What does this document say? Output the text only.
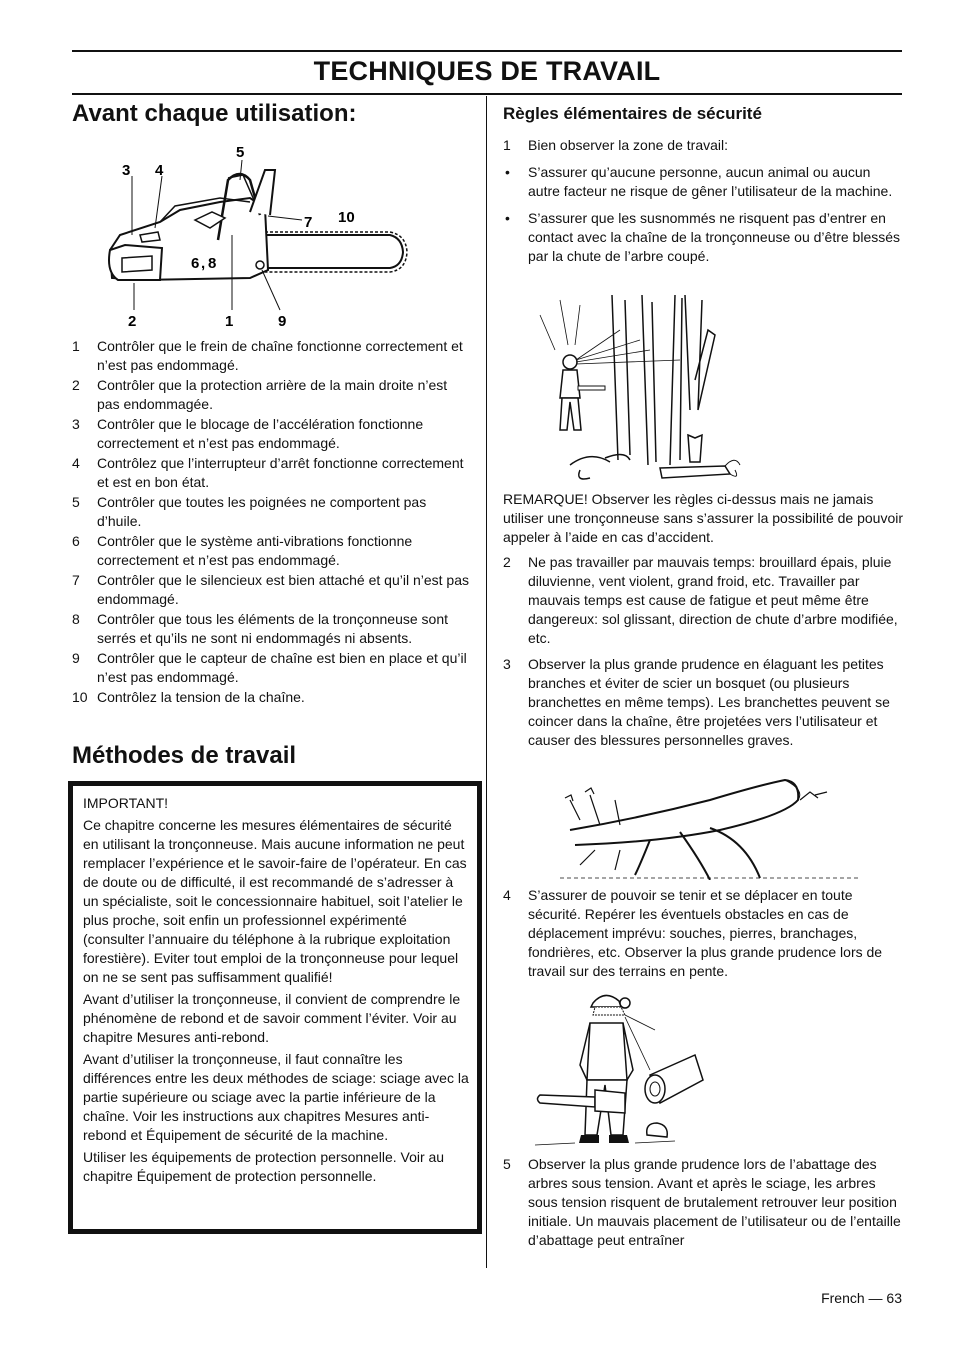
TECHNIQUES DE TRAVAIL
Avant chaque utilisation:
3 4
5
7 10
6 , 8
2	1	9
1 Contrôler que le frein de chaîne fonctionne correctement et n’est pas endommagé.
2 Contrôler que la protection arrière de la main droite n’est pas endommagée.
3 Contrôler que le blocage de l’accélération fonctionne correctement et n’est pas endommagé.
4 Contrôlez que l’interrupteur d’arrêt fonctionne correctement et est en bon état.
5 Contrôler que toutes les poignées ne comportent pas d’huile.
6 Contrôler que le système anti-vibrations fonctionne correctement et n’est pas endommagé.
7 Contrôler que le silencieux est bien attaché et qu’il n’est pas endommagé.
8 Contrôler que tous les éléments de la tronçonneuse sont serrés et qu’ils ne sont ni endommagés ni absents.
9 Contrôler que le capteur de chaîne est bien en place et qu’il n’est pas endommagé.
10 Contrôlez la tension de la chaîne.
Méthodes de travail

IMPORTANT!

Ce chapitre concerne les mesures élémentaires de sécurité en utilisant la tronçonneuse. Mais aucune information ne peut remplacer l’expérience et le savoir-faire de l’opérateur. En cas de doute ou de difficulté, il est recommandé de s’adresser à un spécialiste, soit le concessionnaire habituel, soit l’atelier le plus proche, soit enfin un professionnel expérimenté (consulter l’annuaire du téléphone à la rubrique exploitation forestière). Eviter tout emploi de la tronçonneuse pour lequel on ne se sent pas suffisamment qualifié!

Avant d’utiliser la tronçonneuse, il convient de comprendre le phénomène de rebond et de savoir comment l’éviter. Voir au chapitre Mesures anti-rebond.

Avant d’utiliser la tronçonneuse, il faut connaître les différences entre les deux méthodes de sciage: sciage avec la partie supérieure ou sciage avec la partie inférieure de la chaîne. Voir les instructions aux chapitres Mesures anti-rebond et Équipement de sécurité de la machine.

Utiliser les équipements de protection personnelle. Voir au chapitre Équipement de protection personnelle.

Règles élémentaires de sécurité
1 Bien observer la zone de travail:
• S’assurer qu’aucune personne, aucun animal ou aucun autre facteur ne risque de gêner l’utilisateur de la machine.
• S’assurer que les susnommés ne risquent pas d’entrer en contact avec la chaîne de la tronçonneuse ou d’être blessés par la chute de l’arbre coupé.

REMARQUE! Observer les règles ci-dessus mais ne jamais utiliser une tronçonneuse sans s’assurer la possibilité de pouvoir appeler à l’aide en cas d’accident.

2 Ne pas travailler par mauvais temps: brouillard épais, pluie diluvienne, vent violent, grand froid, etc. Travailler par mauvais temps est cause de fatigue et peut même être dangereux: sol glissant, direction de chute d’arbre modifiée, etc.
3 Observer la plus grande prudence en élaguant les petites branches et éviter de scier un bosquet (ou plusieurs branchettes en même temps). Les branchettes peuvent se coincer dans la chaîne, être projetées vers l’utilisateur et causer des blessures personnelles graves.
4 S’assurer de pouvoir se tenir et se déplacer en toute sécurité. Repérer les éventuels obstacles en cas de déplacement imprévu: souches, pierres, branchages, fondrières, etc. Observer la plus grande prudence lors de travail sur des terrains en pente.
5 Observer la plus grande prudence lors de l’abattage des arbres sous tension. Avant et après le sciage, les arbres sous tension risquent de brutalement retrouver leur position initiale. Un mauvais placement de l’utilisateur ou de l’entaille d’abattage peut entraîner
French — 63
